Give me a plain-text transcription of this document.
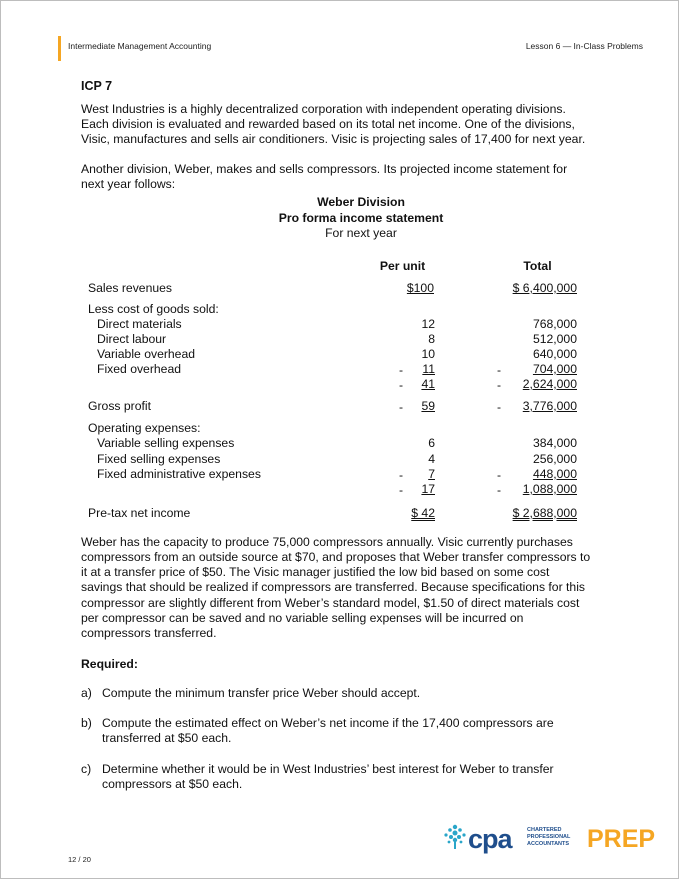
Intermediate Management Accounting	Lesson 6 — In-Class Problems
ICP 7
West Industries is a highly decentralized corporation with independent operating divisions.
Each division is evaluated and rewarded based on its total net income. One of the divisions,
Visic, manufactures and sells air conditioners. Visic is projecting sales of 17,400 for next year.
Another division, Weber, makes and sells compressors. Its projected income statement for
next year follows:
Weber Division
Pro forma income statement
For next year
Per unit	Total
Sales revenues	$100	$ 6,400,000
Less cost of goods sold:
Direct materials	12	768,000
Direct labour	8	512,000
Variable overhead	10	640,000
Fixed overhead	-	11	-	704,000
-	41	-	2,624,000
Gross profit	-	59	-	3,776,000
Operating expenses:
Variable selling expenses	6	384,000
Fixed selling expenses	4	256,000
Fixed administrative expenses	-	7	-	448,000
-	17	-	1,088,000
Pre-tax net income	$ 42	$ 2,688,000
Weber has the capacity to produce 75,000 compressors annually. Visic currently purchases
compressors from an outside source at $70, and proposes that Weber transfer compressors to
it at a transfer price of $50. The Visic manager justified the low bid based on some cost
savings that should be realized if compressors are transferred. Because specifications for this
compressor are slightly different from Weber’s standard model, $1.50 of direct materials cost
per compressor can be saved and no variable selling expenses will be incurred on
compressors transferred.
Required:
a) Compute the minimum transfer price Weber should accept.
b) Compute the estimated effect on Weber’s net income if the 17,400 compressors are
transferred at $50 each.
c) Determine whether it would be in West Industries’ best interest for Weber to transfer
compressors at $50 each.
cpa	CHARTERED
PROFESSIONAL
ACCOUNTANTS PREP
12 / 20
